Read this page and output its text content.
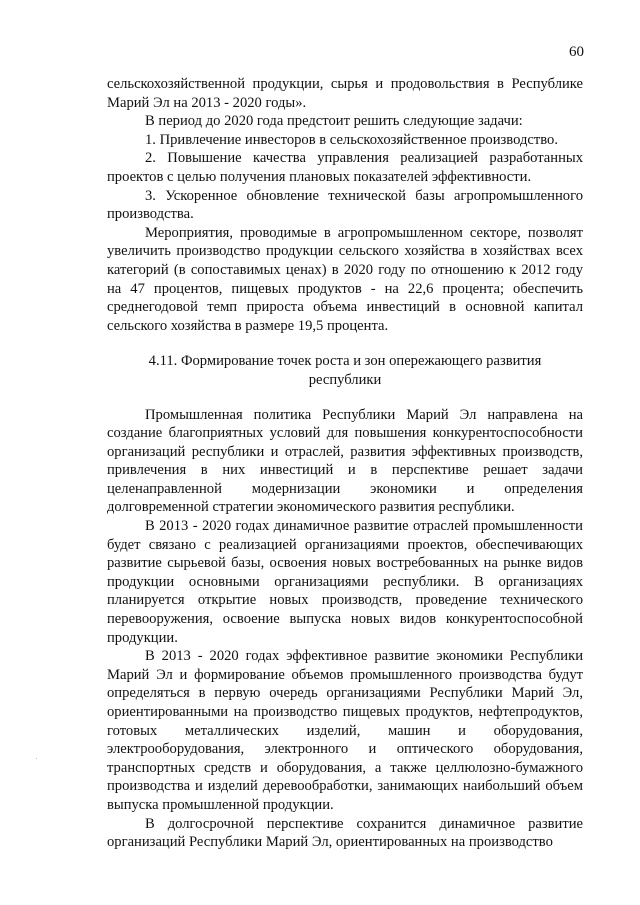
60

сельскохозяйственной продукции, сырья и продовольствия в Республике Марий Эл на 2013 - 2020 годы».

В период до 2020 года предстоит решить следующие задачи:

1. Привлечение инвесторов в сельскохозяйственное производство.

2. Повышение качества управления реализацией разработанных проектов с целью получения плановых показателей эффективности.

3. Ускоренное обновление технической базы агропромышленного производства.

Мероприятия, проводимые в агропромышленном секторе, позволят увеличить производство продукции сельского хозяйства в хозяйствах всех категорий (в сопоставимых ценах) в 2020 году по отношению к 2012 году на 47 процентов, пищевых продуктов - на 22,6 процента; обеспечить среднегодовой темп прироста объема инвестиций в основной капитал сельского хозяйства в размере 19,5 процента.

4.11. Формирование точек роста и зон опережающего развития республики

Промышленная политика Республики Марий Эл направлена на создание благоприятных условий для повышения конкурентоспособности организаций республики и отраслей, развития эффективных производств, привлечения в них инвестиций и в перспективе решает задачи целенаправленной модернизации экономики и определения долговременной стратегии экономического развития республики.

В 2013 - 2020 годах динамичное развитие отраслей промышленности будет связано с реализацией организациями проектов, обеспечивающих развитие сырьевой базы, освоения новых востребованных на рынке видов продукции основными организациями республики. В организациях планируется открытие новых производств, проведение технического перевооружения, освоение выпуска новых видов конкурентоспособной продукции.

В 2013 - 2020 годах эффективное развитие экономики Республики Марий Эл и формирование объемов промышленного производства будут определяться в первую очередь организациями Республики Марий Эл, ориентированными на производство пищевых продуктов, нефтепродуктов, готовых металлических изделий, машин и оборудования, электрооборудования, электронного и оптического оборудования, транспортных средств и оборудования, а также целлюлозно-бумажного производства и изделий деревообработки, занимающих наибольший объем выпуска промышленной продукции.

В долгосрочной перспективе сохранится динамичное развитие организаций Республики Марий Эл, ориентированных на производство
